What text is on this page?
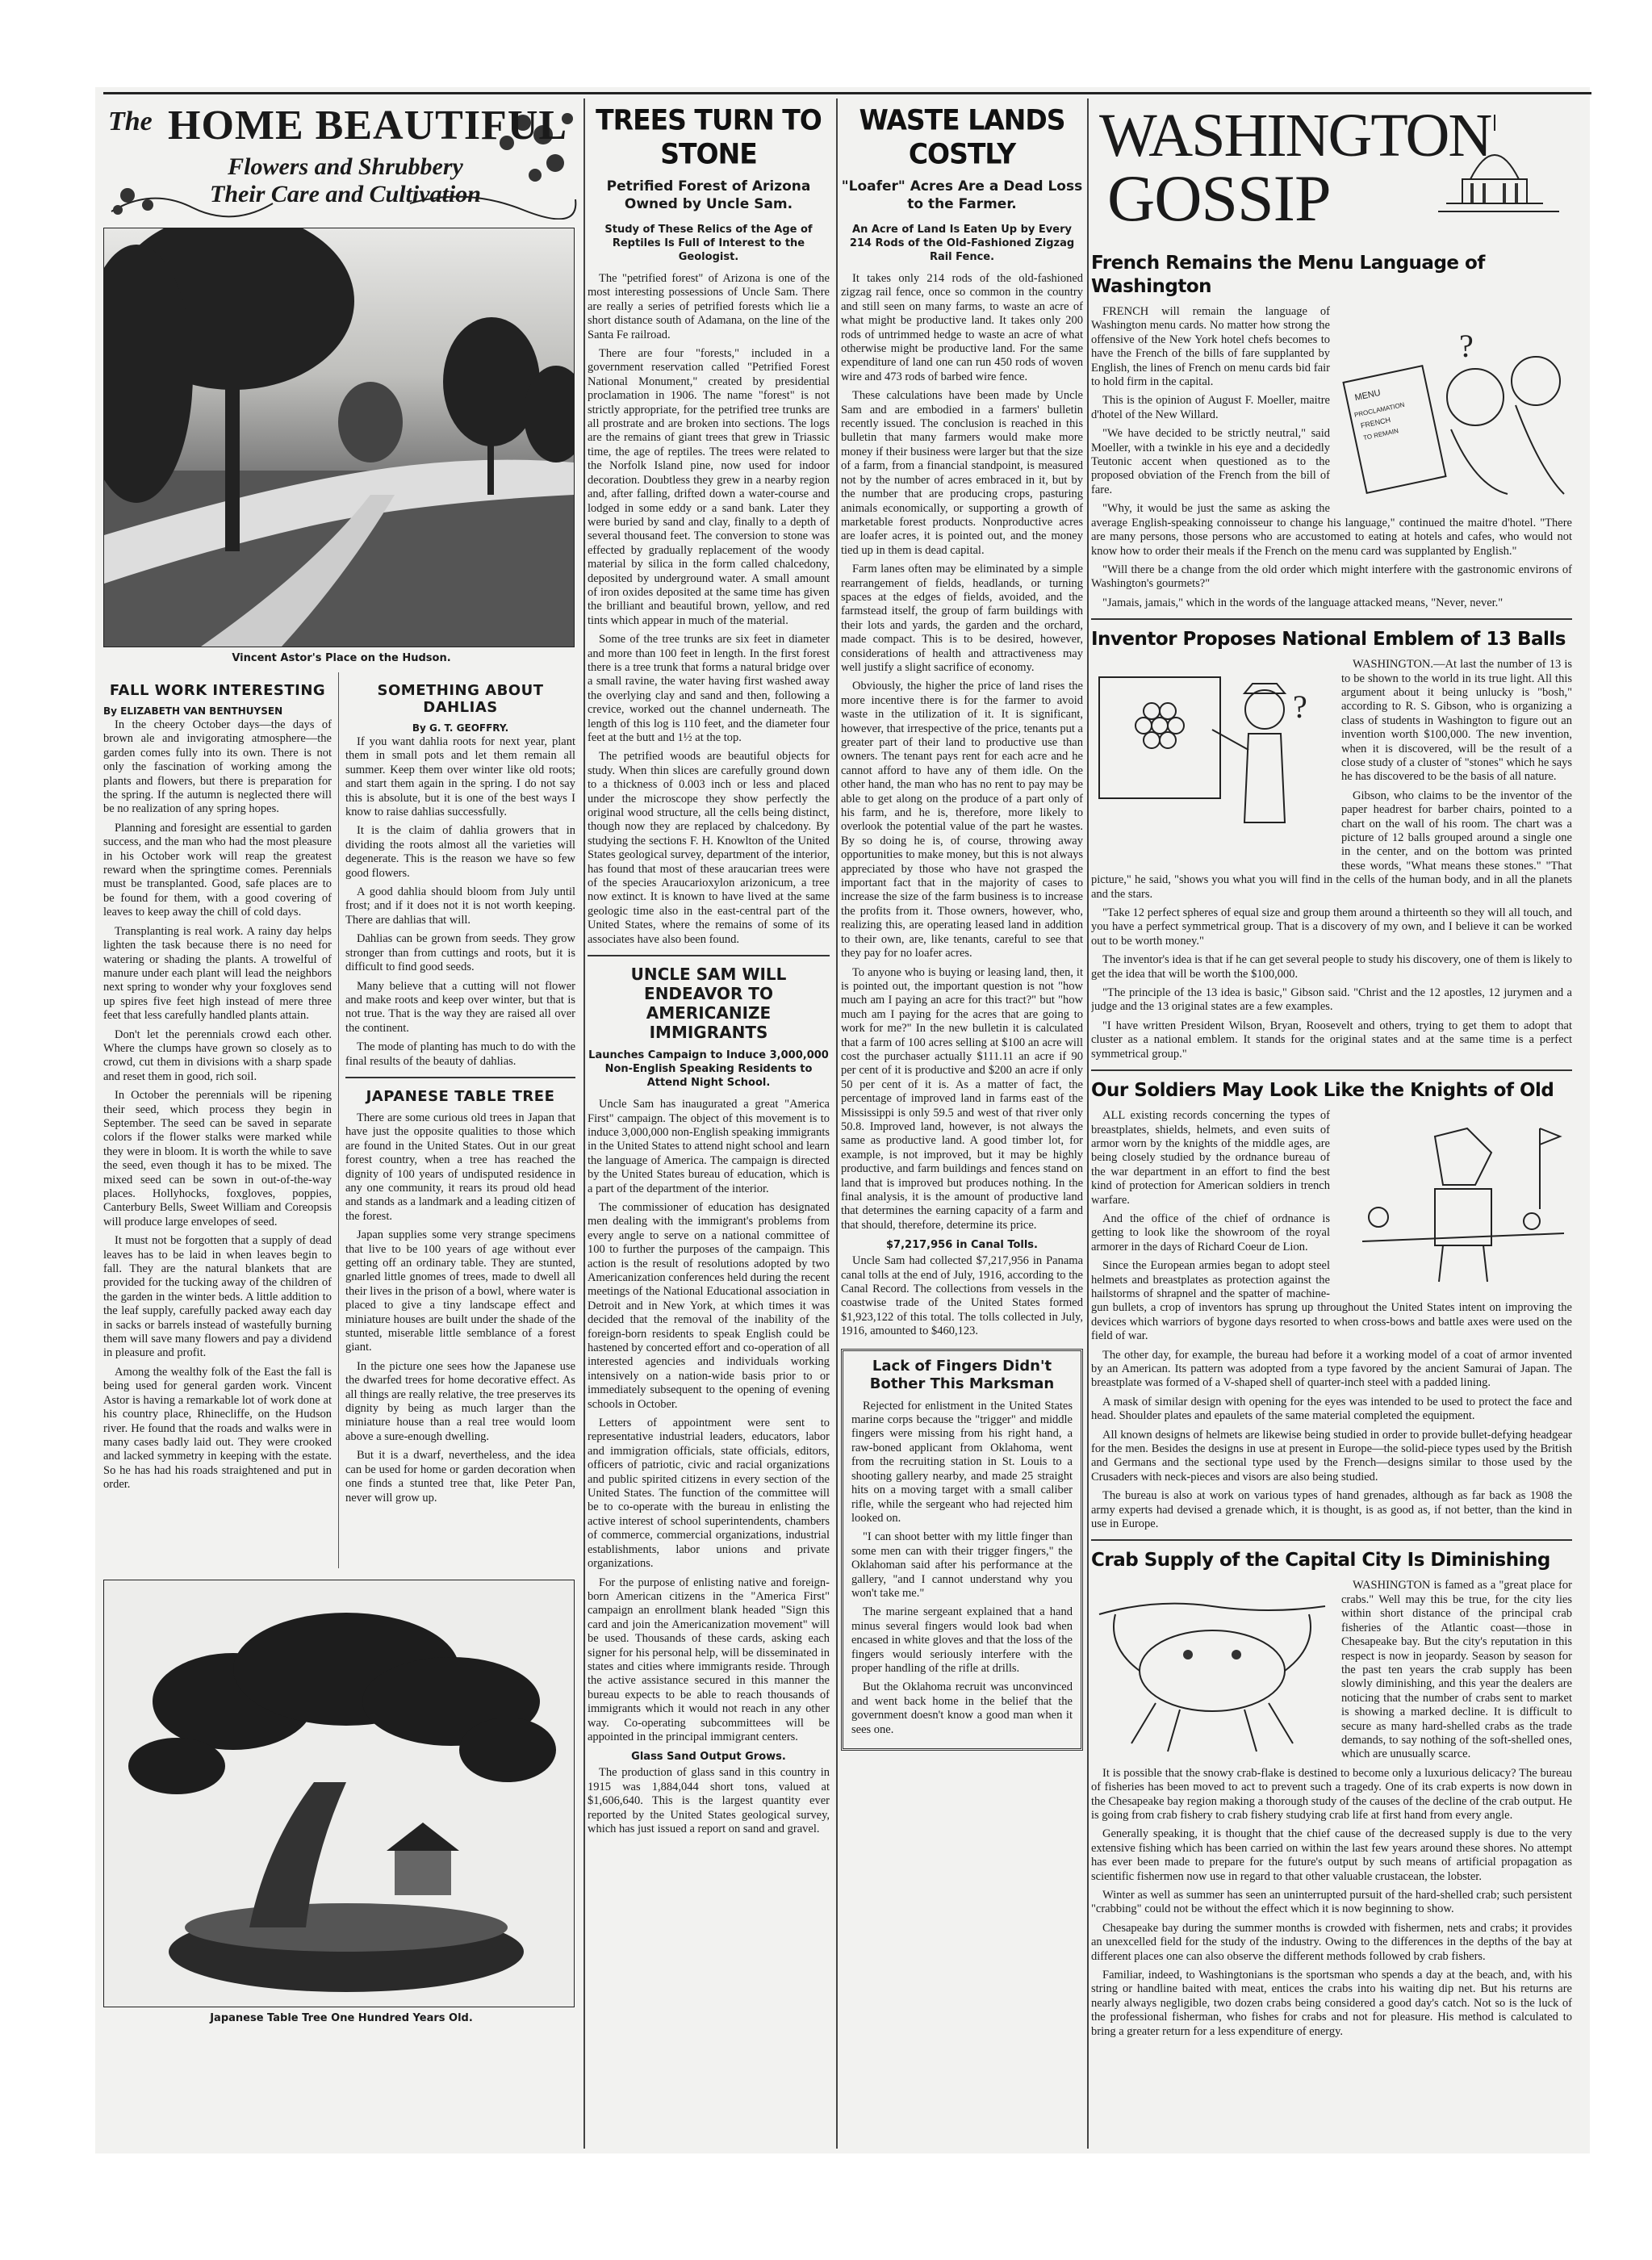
The HOME BEAUTIFUL
Flowers and Shrubbery
Their Care and Cultivation
Vincent Astor's Place on the Hudson.
FALL WORK INTERESTING
By ELIZABETH VAN BENTHUYSEN

In the cheery October days—the days of brown ale and invigorating atmosphere—the garden comes fully into its own. There is not only the fascination of working among the plants and flowers, but there is preparation for the spring. If the autumn is neglected there will be no realization of any spring hopes.

Planning and foresight are essential to garden success, and the man who had the most pleasure in his October work will reap the greatest reward when the springtime comes. Perennials must be transplanted. Good, safe places are to be found for them, with a good covering of leaves to keep away the chill of cold days.

Transplanting is real work. A rainy day helps lighten the task because there is no need for watering or shading the plants. A trowelful of manure under each plant will lead the neighbors next spring to wonder why your foxgloves send up spires five feet high instead of mere three feet that less carefully handled plants attain.

Don't let the perennials crowd each other. Where the clumps have grown so closely as to crowd, cut them in divisions with a sharp spade and reset them in good, rich soil.

In October the perennials will be ripening their seed, which process they begin in September. The seed can be saved in separate colors if the flower stalks were marked while they were in bloom. It is worth the while to save the seed, even though it has to be mixed. The mixed seed can be sown in out-of-the-way places. Hollyhocks, foxgloves, poppies, Canterbury Bells, Sweet William and Coreopsis will produce large envelopes of seed.

It must not be forgotten that a supply of dead leaves has to be laid in when leaves begin to fall. They are the natural blankets that are provided for the tucking away of the children of the garden in the winter beds. A little addition to the leaf supply, carefully packed away each day in sacks or barrels instead of wastefully burning them will save many flowers and pay a dividend in pleasure and profit.

Among the wealthy folk of the East the fall is being used for general garden work. Vincent Astor is having a remarkable lot of work done at his country place, Rhinecliffe, on the Hudson river. He found that the roads and walks were in many cases badly laid out. They were crooked and lacked symmetry in keeping with the estate. So he has had his roads straightened and put in order.

SOMETHING ABOUT DAHLIAS
By G. T. GEOFFRY.

If you want dahlia roots for next year, plant them in small pots and let them remain all summer. Keep them over winter like old roots; and start them again in the spring. I do not say this is absolute, but it is one of the best ways I know to raise dahlias successfully.

It is the claim of dahlia growers that in dividing the roots almost all the varieties will degenerate. This is the reason we have so few good flowers.

A good dahlia should bloom from July until frost; and if it does not it is not worth keeping. There are dahlias that will.

Dahlias can be grown from seeds. They grow stronger than from cuttings and roots, but it is difficult to find good seeds.

Many believe that a cutting will not flower and make roots and keep over winter, but that is not true. That is the way they are raised all over the continent.

The mode of planting has much to do with the final results of the beauty of dahlias.

JAPANESE TABLE TREE

There are some curious old trees in Japan that have just the opposite qualities to those which are found in the United States. Out in our great forest country, when a tree has reached the dignity of 100 years of undisputed residence in any one community, it rears its proud old head and stands as a landmark and a leading citizen of the forest.

Japan supplies some very strange specimens that live to be 100 years of age without ever getting off an ordinary table. They are stunted, gnarled little gnomes of trees, made to dwell all their lives in the prison of a bowl, where water is placed to give a tiny landscape effect and miniature houses are built under the shade of the stunted, miserable little semblance of a forest giant.

In the picture one sees how the Japanese use the dwarfed trees for home decorative effect. As all things are really relative, the tree preserves its dignity by being as much larger than the miniature house than a real tree would loom above a sure-enough dwelling.

But it is a dwarf, nevertheless, and the idea can be used for home or garden decoration when one finds a stunted tree that, like Peter Pan, never will grow up.

Japanese Table Tree One Hundred Years Old.
TREES TURN TO STONE
Petrified Forest of Arizona Owned by Uncle Sam.
Study of These Relics of the Age of Reptiles Is Full of Interest to the Geologist.

The "petrified forest" of Arizona is one of the most interesting possessions of Uncle Sam. There are really a series of petrified forests which lie a short distance south of Adamana, on the line of the Santa Fe railroad.

There are four "forests," included in a government reservation called "Petrified Forest National Monument," created by presidential proclamation in 1906. The name "forest" is not strictly appropriate, for the petrified tree trunks are all prostrate and are broken into sections. The logs are the remains of giant trees that grew in Triassic time, the age of reptiles. The trees were related to the Norfolk Island pine, now used for indoor decoration. Doubtless they grew in a nearby region and, after falling, drifted down a water-course and lodged in some eddy or a sand bank. Later they were buried by sand and clay, finally to a depth of several thousand feet. The conversion to stone was effected by gradually replacement of the woody material by silica in the form called chalcedony, deposited by underground water. A small amount of iron oxides deposited at the same time has given the brilliant and beautiful brown, yellow, and red tints which appear in much of the material.

Some of the tree trunks are six feet in diameter and more than 100 feet in length. In the first forest there is a tree trunk that forms a natural bridge over a small ravine, the water having first washed away the overlying clay and sand and then, following a crevice, worked out the channel underneath. The length of this log is 110 feet, and the diameter four feet at the butt and 1½ at the top.

The petrified woods are beautiful objects for study. When thin slices are carefully ground down to a thickness of 0.003 inch or less and placed under the microscope they show perfectly the original wood structure, all the cells being distinct, though now they are replaced by chalcedony. By studying the sections F. H. Knowlton of the United States geological survey, department of the interior, has found that most of these araucarian trees were of the species Araucarioxylon arizonicum, a tree now extinct. It is known to have lived at the same geologic time also in the east-central part of the United States, where the remains of some of its associates have also been found.

UNCLE SAM WILL ENDEAVOR TO AMERICANIZE IMMIGRANTS
Launches Campaign to Induce 3,000,000 Non-English Speaking Residents to Attend Night School.

Uncle Sam has inaugurated a great "America First" campaign. The object of this movement is to induce 3,000,000 non-English speaking immigrants in the United States to attend night school and learn the language of America. The campaign is directed by the United States bureau of education, which is a part of the department of the interior.

The commissioner of education has designated men dealing with the immigrant's problems from every angle to serve on a national committee of 100 to further the purposes of the campaign. This action is the result of resolutions adopted by two Americanization conferences held during the recent meetings of the National Educational association in Detroit and in New York, at which times it was decided that the removal of the inability of the foreign-born residents to speak English could be hastened by concerted effort and co-operation of all interested agencies and individuals working intensively on a nation-wide basis prior to or immediately subsequent to the opening of evening schools in October.

Letters of appointment were sent to representative industrial leaders, educators, labor and immigration officials, state officials, editors, officers of patriotic, civic and racial organizations and public spirited citizens in every section of the United States. The function of the committee will be to co-operate with the bureau in enlisting the active interest of school superintendents, chambers of commerce, commercial organizations, industrial establishments, labor unions and private organizations.

For the purpose of enlisting native and foreign-born American citizens in the "America First" campaign an enrollment blank headed "Sign this card and join the Americanization movement" will be used. Thousands of these cards, asking each signer for his personal help, will be disseminated in states and cities where immigrants reside. Through the active assistance secured in this manner the bureau expects to be able to reach thousands of immigrants which it would not reach in any other way. Co-operating subcommittees will be appointed in the principal immigrant centers.

Glass Sand Output Grows.

The production of glass sand in this country in 1915 was 1,884,044 short tons, valued at $1,606,640. This is the largest quantity ever reported by the United States geological survey, which has just issued a report on sand and gravel.

WASTE LANDS COSTLY
"Loafer" Acres Are a Dead Loss to the Farmer.
An Acre of Land Is Eaten Up by Every 214 Rods of the Old-Fashioned Zigzag Rail Fence.

It takes only 214 rods of the old-fashioned zigzag rail fence, once so common in the country and still seen on many farms, to waste an acre of what might be productive land. It takes only 200 rods of untrimmed hedge to waste an acre of what otherwise might be productive land. For the same expenditure of land one can run 450 rods of woven wire and 473 rods of barbed wire fence.

These calculations have been made by Uncle Sam and are embodied in a farmers' bulletin recently issued. The conclusion is reached in this bulletin that many farmers would make more money if their business were larger but that the size of a farm, from a financial standpoint, is measured not by the number of acres embraced in it, but by the number that are producing crops, pasturing animals economically, or supporting a growth of marketable forest products. Nonproductive acres are loafer acres, it is pointed out, and the money tied up in them is dead capital.

Farm lanes often may be eliminated by a simple rearrangement of fields, headlands, or turning spaces at the edges of fields, avoided, and the farmstead itself, the group of farm buildings with their lots and yards, the garden and the orchard, made compact. This is to be desired, however, considerations of health and attractiveness may well justify a slight sacrifice of economy.

Obviously, the higher the price of land rises the more incentive there is for the farmer to avoid waste in the utilization of it. It is significant, however, that irrespective of the price, tenants put a greater part of their land to productive use than owners. The tenant pays rent for each acre and he cannot afford to have any of them idle. On the other hand, the man who has no rent to pay may be able to get along on the produce of a part only of his farm, and he is, therefore, more likely to overlook the potential value of the part he wastes. By so doing he is, of course, throwing away opportunities to make money, but this is not always appreciated by those who have not grasped the important fact that in the majority of cases to increase the size of the farm business is to increase the profits from it. Those owners, however, who, realizing this, are operating leased land in addition to their own, are, like tenants, careful to see that they pay for no loafer acres.

To anyone who is buying or leasing land, then, it is pointed out, the important question is not "how much am I paying an acre for this tract?" but "how much am I paying for the acres that are going to work for me?" In the new bulletin it is calculated that a farm of 100 acres selling at $100 an acre will cost the purchaser actually $111.11 an acre if 90 per cent of it is productive and $200 an acre if only 50 per cent of it is. As a matter of fact, the percentage of improved land in farms east of the Mississippi is only 59.5 and west of that river only 50.8. Improved land, however, is not always the same as productive land. A good timber lot, for example, is not improved, but it may be highly productive, and farm buildings and fences stand on land that is improved but produces nothing. In the final analysis, it is the amount of productive land that determines the earning capacity of a farm and that should, therefore, determine its price.

$7,217,956 in Canal Tolls.

Uncle Sam had collected $7,217,956 in Panama canal tolls at the end of July, 1916, according to the Canal Record. The collections from vessels in the coastwise trade of the United States formed $1,923,122 of this total. The tolls collected in July, 1916, amounted to $460,123.

Lack of Fingers Didn't Bother This Marksman

Rejected for enlistment in the United States marine corps because the "trigger" and middle fingers were missing from his right hand, a raw-boned applicant from Oklahoma, went from the recruiting station in St. Louis to a shooting gallery nearby, and made 25 straight hits on a moving target with a small caliber rifle, while the sergeant who had rejected him looked on.

"I can shoot better with my little finger than some men can with their trigger fingers," the Oklahoman said after his performance at the gallery, "and I cannot understand why you won't take me."

The marine sergeant explained that a hand minus several fingers would look bad when encased in white gloves and that the loss of the fingers would seriously interfere with the proper handling of the rifle at drills.

But the Oklahoma recruit was unconvinced and went back home in the belief that the government doesn't know a good man when it sees one.

WASHINGTON
GOSSIP
French Remains the Menu Language of Washington
?
MENU
PROCLAMATION
FRENCH
TO REMAIN

FRENCH will remain the language of Washington menu cards. No matter how strong the offensive of the New York hotel chefs becomes to have the French of the bills of fare supplanted by English, the lines of French on menu cards bid fair to hold firm in the capital.

This is the opinion of August F. Moeller, maitre d'hotel of the New Willard.

"We have decided to be strictly neutral," said Moeller, with a twinkle in his eye and a decidedly Teutonic accent when questioned as to the proposed obviation of the French from the bill of fare.

"Why, it would be just the same as asking the average English-speaking connoisseur to change his language," continued the maitre d'hotel. "There are many persons, those persons who are accustomed to eating at hotels and cafes, who would not know how to order their meals if the French on the menu card was supplanted by English."

"Will there be a change from the old order which might interfere with the gastronomic environs of Washington's gourmets?"

"Jamais, jamais," which in the words of the language attacked means, "Never, never."

Inventor Proposes National Emblem of 13 Balls
?

WASHINGTON.—At last the number of 13 is to be shown to the world in its true light. All this argument about it being unlucky is "bosh," according to R. S. Gibson, who is organizing a class of students in Washington to figure out an invention worth $100,000. The new invention, when it is discovered, will be the result of a close study of a cluster of "stones" which he says he has discovered to be the basis of all nature.

Gibson, who claims to be the inventor of the paper headrest for barber chairs, pointed to a chart on the wall of his room. The chart was a picture of 12 balls grouped around a single one in the center, and on the bottom was printed these words, "What means these stones." "That picture," he said, "shows you what you will find in the cells of the human body, and in all the planets and the stars.

"Take 12 perfect spheres of equal size and group them around a thirteenth so they will all touch, and you have a perfect symmetrical group. That is a discovery of my own, and I believe it can be worked out to be worth money."

The inventor's idea is that if he can get several people to study his discovery, one of them is likely to get the idea that will be worth the $100,000.

"The principle of the 13 idea is basic," Gibson said. "Christ and the 12 apostles, 12 jurymen and a judge and the 13 original states are a few examples.

"I have written President Wilson, Bryan, Roosevelt and others, trying to get them to adopt that cluster as a national emblem. It stands for the original states and at the same time is a perfect symmetrical group."

Our Soldiers May Look Like the Knights of Old

ALL existing records concerning the types of breastplates, shields, helmets, and even suits of armor worn by the knights of the middle ages, are being closely studied by the ordnance bureau of the war department in an effort to find the best kind of protection for American soldiers in trench warfare.

And the office of the chief of ordnance is getting to look like the showroom of the royal armorer in the days of Richard Coeur de Lion.

Since the European armies began to adopt steel helmets and breastplates as protection against the hailstorms of shrapnel and the spatter of machine-gun bullets, a crop of inventors has sprung up throughout the United States intent on improving the devices which warriors of bygone days resorted to when cross-bows and battle axes were used on the field of war.

The other day, for example, the bureau had before it a working model of a coat of armor invented by an American. Its pattern was adopted from a type favored by the ancient Samurai of Japan. The breastplate was formed of a V-shaped shell of quarter-inch steel with a padded lining.

A mask of similar design with opening for the eyes was intended to be used to protect the face and head. Shoulder plates and epaulets of the same material completed the equipment.

All known designs of helmets are likewise being studied in order to provide bullet-defying headgear for the men. Besides the designs in use at present in Europe—the solid-piece types used by the British and Germans and the sectional type used by the French—designs similar to those used by the Crusaders with neck-pieces and visors are also being studied.

The bureau is also at work on various types of hand grenades, although as far back as 1908 the army experts had devised a grenade which, it is thought, is as good as, if not better, than the kind in use in Europe.

Crab Supply of the Capital City Is Diminishing

WASHINGTON is famed as a "great place for crabs." Well may this be true, for the city lies within short distance of the principal crab fisheries of the Atlantic coast—those in Chesapeake bay. But the city's reputation in this respect is now in jeopardy. Season by season for the past ten years the crab supply has been slowly diminishing, and this year the dealers are noticing that the number of crabs sent to market is showing a marked decline. It is difficult to secure as many hard-shelled crabs as the trade demands, to say nothing of the soft-shelled ones, which are unusually scarce.

It is possible that the snowy crab-flake is destined to become only a luxurious delicacy? The bureau of fisheries has been moved to act to prevent such a tragedy. One of its crab experts is now down in the Chesapeake bay region making a thorough study of the causes of the decline of the crab output. He is going from crab fishery to crab fishery studying crab life at first hand from every angle.

Generally speaking, it is thought that the chief cause of the decreased supply is due to the very extensive fishing which has been carried on within the last few years around these shores. No attempt has ever been made to prepare for the future's output by such means of artificial propagation as scientific fishermen now use in regard to that other valuable crustacean, the lobster.

Winter as well as summer has seen an uninterrupted pursuit of the hard-shelled crab; such persistent "crabbing" could not be without the effect which it is now beginning to show.

Chesapeake bay during the summer months is crowded with fishermen, nets and crabs; it provides an unexcelled field for the study of the industry. Owing to the differences in the depths of the bay at different places one can also observe the different methods followed by crab fishers.

Familiar, indeed, to Washingtonians is the sportsman who spends a day at the beach, and, with his string or handline baited with meat, entices the crabs into his waiting dip net. But his returns are nearly always negligible, two dozen crabs being considered a good day's catch. Not so is the luck of the professional fisherman, who fishes for crabs and not for pleasure. His method is calculated to bring a greater return for a less expenditure of energy.
